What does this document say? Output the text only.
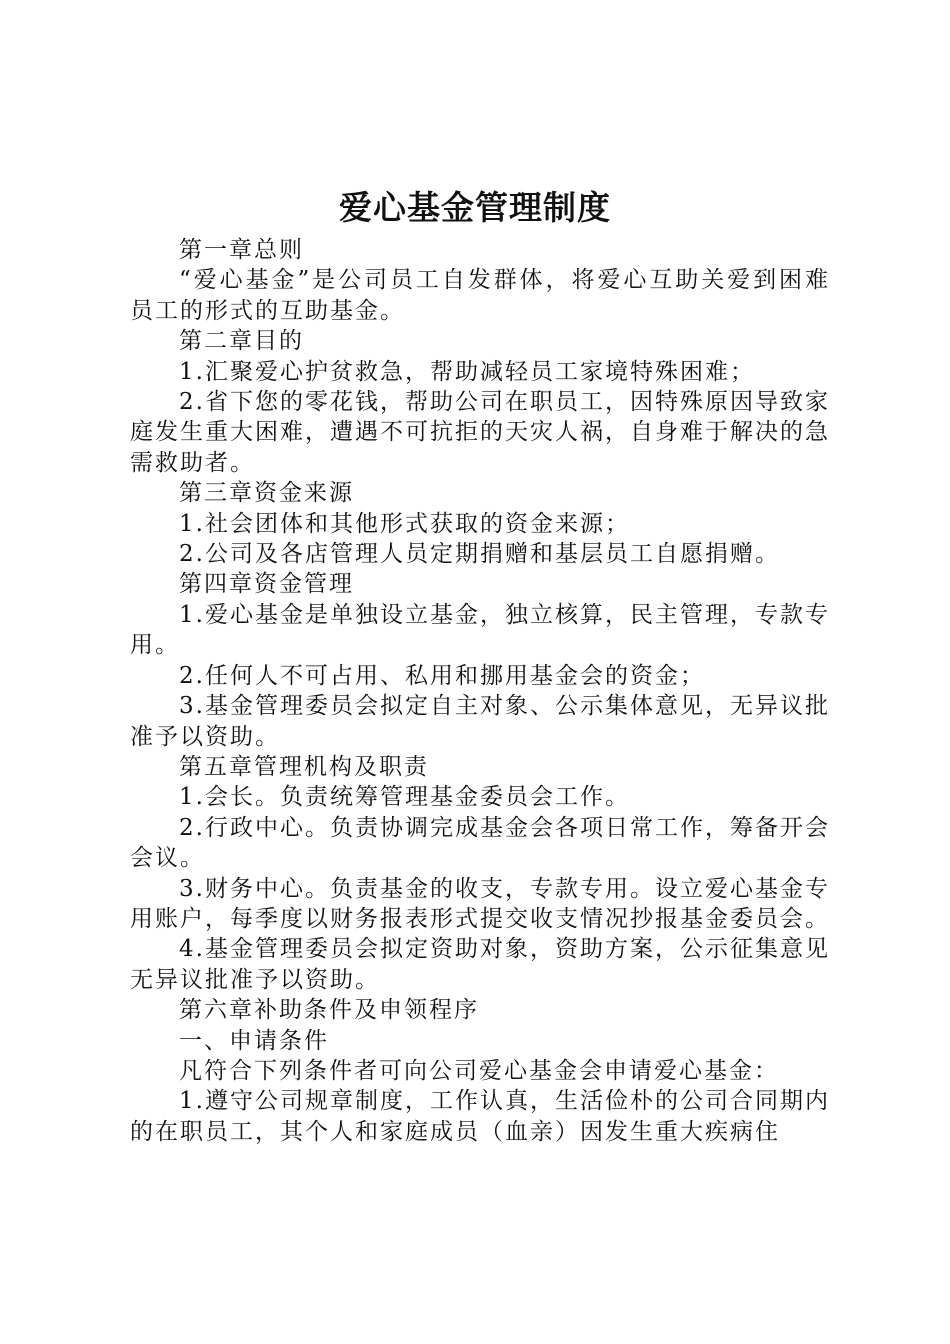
爱心基金管理制度

第一章总则

“爱心基金”是公司员工自发群体，将爱心互助关爱到困难员工的形式的互助基金。

第二章目的

1.汇聚爱心护贫救急，帮助减轻员工家境特殊困难；

2.省下您的零花钱，帮助公司在职员工，因特殊原因导致家庭发生重大困难，遭遇不可抗拒的天灾人祸，自身难于解决的急需救助者。

第三章资金来源

1.社会团体和其他形式获取的资金来源；

2.公司及各店管理人员定期捐赠和基层员工自愿捐赠。

第四章资金管理

1.爱心基金是单独设立基金，独立核算，民主管理，专款专用。

2.任何人不可占用、私用和挪用基金会的资金；

3.基金管理委员会拟定自主对象、公示集体意见，无异议批准予以资助。

第五章管理机构及职责

1.会长。负责统筹管理基金委员会工作。

2.行政中心。负责协调完成基金会各项日常工作，筹备开会会议。

3.财务中心。负责基金的收支，专款专用。设立爱心基金专用账户，每季度以财务报表形式提交收支情况抄报基金委员会。

4.基金管理委员会拟定资助对象，资助方案，公示征集意见无异议批准予以资助。

第六章补助条件及申领程序

一、申请条件

凡符合下列条件者可向公司爱心基金会申请爱心基金：

1.遵守公司规章制度，工作认真，生活俭朴的公司合同期内的在职员工，其个人和家庭成员（血亲）因发生重大疾病住
